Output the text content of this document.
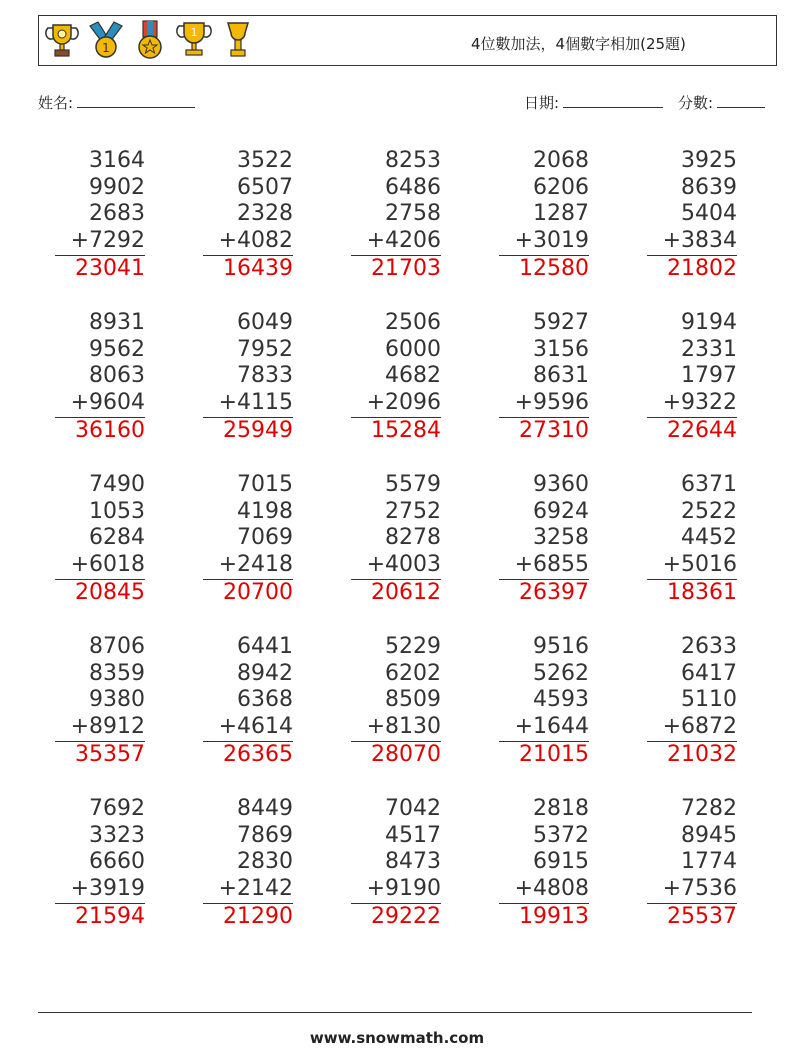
1
1
4位數加法，4個數字相加(25題)
姓名:	日期:	分數:
3164
9902
2683
+7292
23041
3522
6507
2328
+4082
16439
8253
6486
2758
+4206
21703
2068
6206
1287
+3019
12580
3925
8639
5404
+3834
21802
8931
9562
8063
+9604
36160
6049
7952
7833
+4115
25949
2506
6000
4682
+2096
15284
5927
3156
8631
+9596
27310
9194
2331
1797
+9322
22644
7490
1053
6284
+6018
20845
7015
4198
7069
+2418
20700
5579
2752
8278
+4003
20612
9360
6924
3258
+6855
26397
6371
2522
4452
+5016
18361
8706
8359
9380
+8912
35357
6441
8942
6368
+4614
26365
5229
6202
8509
+8130
28070
9516
5262
4593
+1644
21015
2633
6417
5110
+6872
21032
7692
3323
6660
+3919
21594
8449
7869
2830
+2142
21290
7042
4517
8473
+9190
29222
2818
5372
6915
+4808
19913
7282
8945
1774
+7536
25537
www.snowmath.com
